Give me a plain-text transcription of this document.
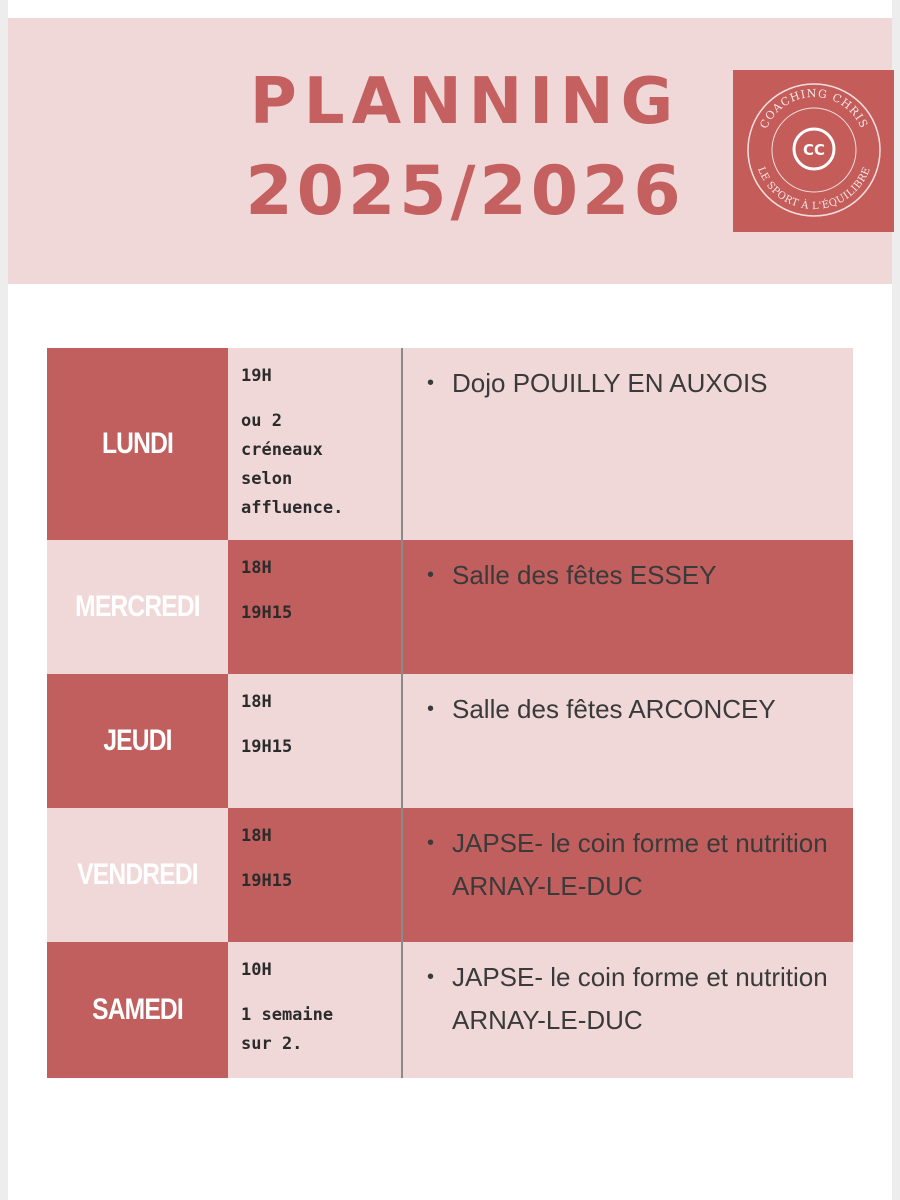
PLANNING
2025/2026
COACHING CHRIS
LE SPORT À L'ÉQUILIBRE
CC
LUNDI
19H
ou 2
créneaux
selon
affluence.
• Dojo POUILLY EN AUXOIS
MERCREDI
18H
19H15
• Salle des fêtes ESSEY
JEUDI
18H
19H15
• Salle des fêtes ARCONCEY
VENDREDI
18H
19H15
• JAPSE- le coin forme et nutrition ARNAY-LE-DUC
SAMEDI
10H
1 semaine
sur 2.
• JAPSE- le coin forme et nutrition ARNAY-LE-DUC
